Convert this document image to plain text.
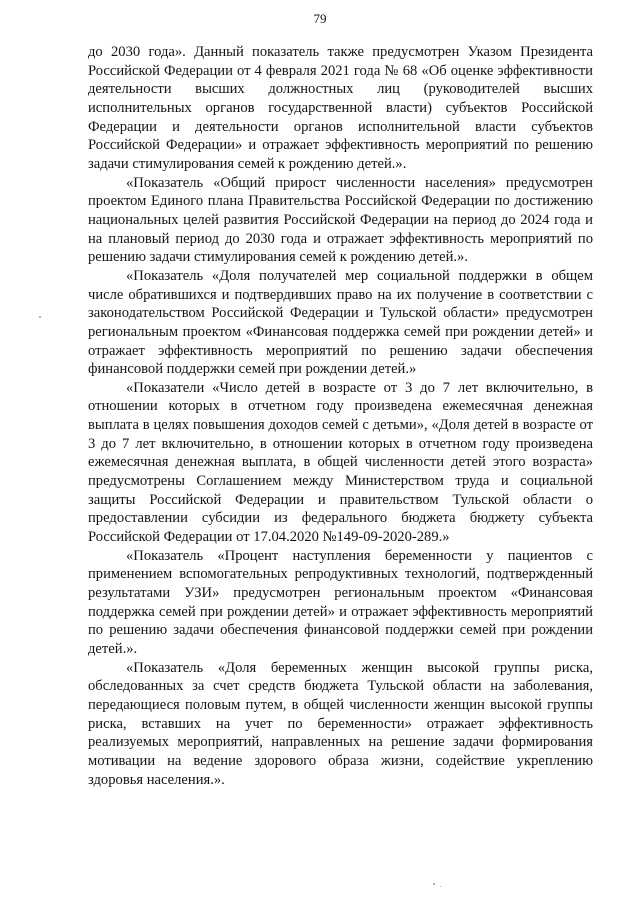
79

до 2030 года». Данный показатель также предусмотрен Указом Президента Российской Федерации от 4 февраля 2021 года № 68 «Об оценке эффективности деятельности высших должностных лиц (руководителей высших исполнительных органов государственной власти) субъектов Российской Федерации и деятельности органов исполнительной власти субъектов Российской Федерации» и отражает эффективность мероприятий по решению задачи стимулирования семей к рождению детей.».

«Показатель «Общий прирост численности населения» предусмотрен проектом Единого плана Правительства Российской Федерации по достижению национальных целей развития Российской Федерации на период до 2024 года и на плановый период до 2030 года и отражает эффективность мероприятий по решению задачи стимулирования семей к рождению детей.».

«Показатель «Доля получателей мер социальной поддержки в общем числе обратившихся и подтвердивших право на их получение в соответствии с законодательством Российской Федерации и Тульской области» предусмотрен региональным проектом «Финансовая поддержка семей при рождении детей» и отражает эффективность мероприятий по решению задачи обеспечения финансовой поддержки семей при рождении детей.»

«Показатели «Число детей в возрасте от 3 до 7 лет включительно, в отношении которых в отчетном году произведена ежемесячная денежная выплата в целях повышения доходов семей с детьми», «Доля детей в возрасте от 3 до 7 лет включительно, в отношении которых в отчетном году произведена ежемесячная денежная выплата, в общей численности детей этого возраста» предусмотрены Соглашением между Министерством труда и социальной защиты Российской Федерации и правительством Тульской области о предоставлении субсидии из федерального бюджета бюджету субъекта Российской Федерации от 17.04.2020 №149-09-2020-289.»

«Показатель «Процент наступления беременности у пациентов с применением вспомогательных репродуктивных технологий, подтвержденный результатами УЗИ» предусмотрен региональным проектом «Финансовая поддержка семей при рождении детей» и отражает эффективность мероприятий по решению задачи обеспечения финансовой поддержки семей при рождении детей.».

«Показатель «Доля беременных женщин высокой группы риска, обследованных за счет средств бюджета Тульской области на заболевания, передающиеся половым путем, в общей численности женщин высокой группы риска, вставших на учет по беременности» отражает эффективность реализуемых мероприятий, направленных на решение задачи формирования мотивации на ведение здорового образа жизни, содействие укреплению здоровья населения.».
